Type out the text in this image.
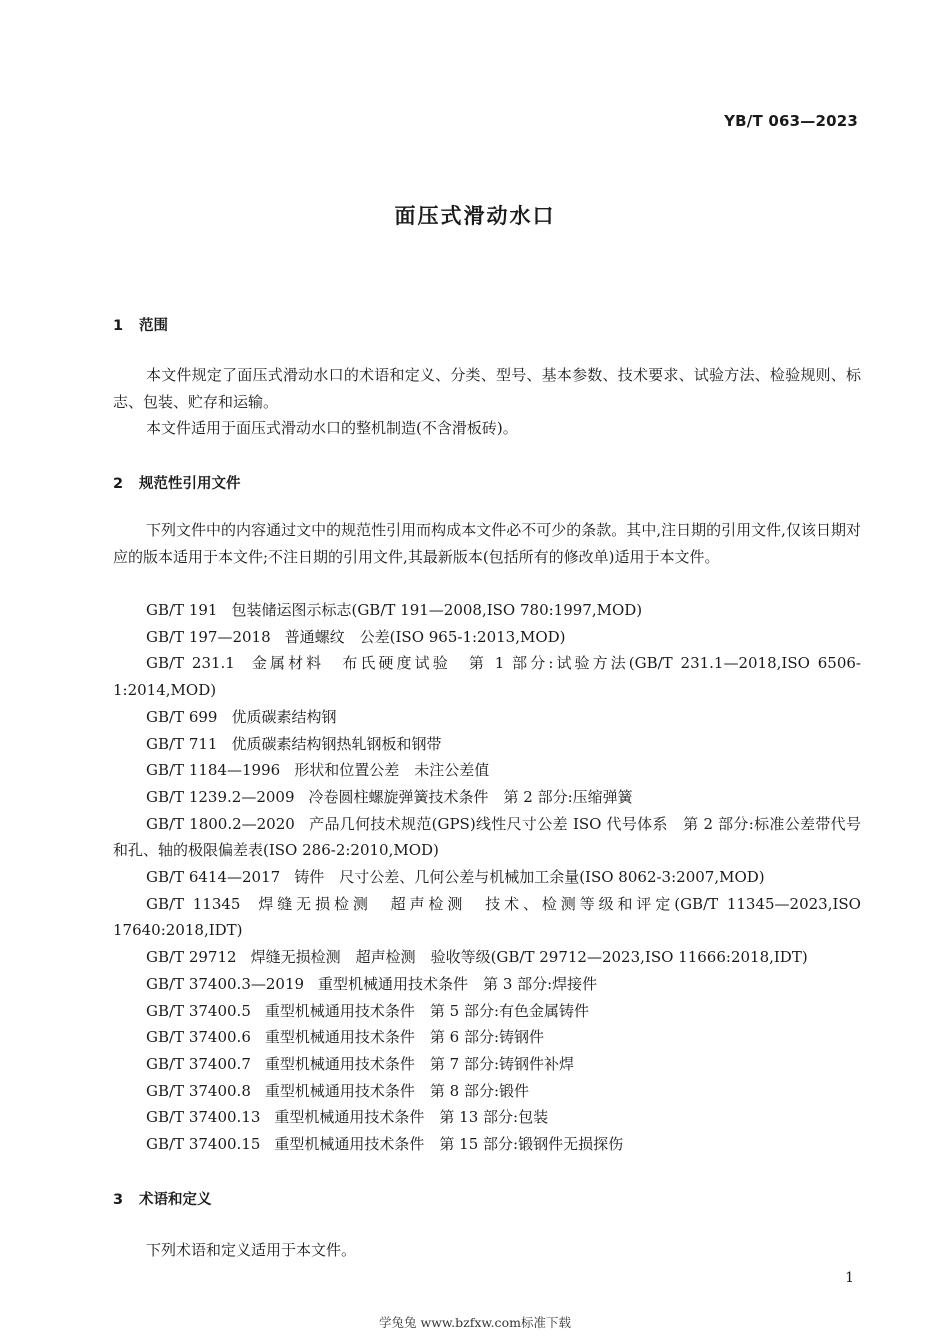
YB/T 063—2023
面压式滑动水口
1 范围

本文件规定了面压式滑动水口的术语和定义、分类、型号、基本参数、技术要求、试验方法、检验规则、标志、包装、贮存和运输。

本文件适用于面压式滑动水口的整机制造(不含滑板砖)。

2 规范性引用文件

下列文件中的内容通过文中的规范性引用而构成本文件必不可少的条款。其中,注日期的引用文件,仅该日期对应的版本适用于本文件;不注日期的引用文件,其最新版本(包括所有的修改单)适用于本文件。

GB/T 191 包装储运图示标志(GB/T 191—2008,ISO 780:1997,MOD)
GB/T 197—2018 普通螺纹　公差(ISO 965-1:2013,MOD)
GB/T 231.1 金属材料　布氏硬度试验　第 1 部分:试验方法(GB/T 231.1—2018,ISO 6506-1:2014,MOD)
GB/T 699 优质碳素结构钢
GB/T 711 优质碳素结构钢热轧钢板和钢带
GB/T 1184—1996 形状和位置公差　未注公差值
GB/T 1239.2—2009 冷卷圆柱螺旋弹簧技术条件　第 2 部分:压缩弹簧
GB/T 1800.2—2020 产品几何技术规范(GPS)线性尺寸公差 ISO 代号体系　第 2 部分:标准公差带代号和孔、轴的极限偏差表(ISO 286-2:2010,MOD)
GB/T 6414—2017 铸件　尺寸公差、几何公差与机械加工余量(ISO 8062-3:2007,MOD)
GB/T 11345 焊缝无损检测　超声检测　技术、检测等级和评定(GB/T 11345—2023,ISO 17640:2018,IDT)
GB/T 29712 焊缝无损检测　超声检测　验收等级(GB/T 29712—2023,ISO 11666:2018,IDT)
GB/T 37400.3—2019 重型机械通用技术条件　第 3 部分:焊接件
GB/T 37400.5 重型机械通用技术条件　第 5 部分:有色金属铸件
GB/T 37400.6 重型机械通用技术条件　第 6 部分:铸钢件
GB/T 37400.7 重型机械通用技术条件　第 7 部分:铸钢件补焊
GB/T 37400.8 重型机械通用技术条件　第 8 部分:锻件
GB/T 37400.13 重型机械通用技术条件　第 13 部分:包装
GB/T 37400.15 重型机械通用技术条件　第 15 部分:锻钢件无损探伤
3 术语和定义

下列术语和定义适用于本文件。

1
学兔兔 www.bzfxw.com标准下载
